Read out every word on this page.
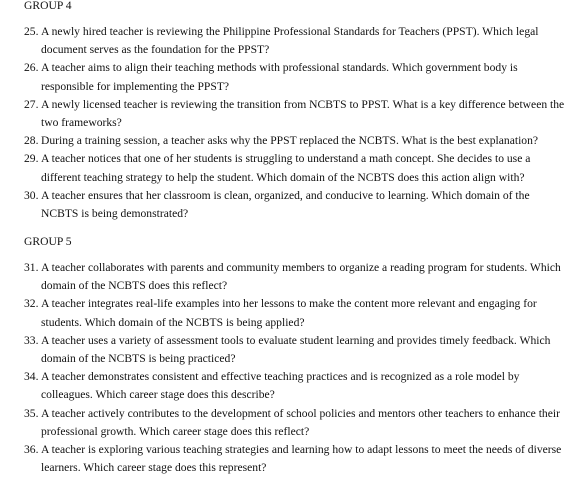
GROUP 4
25. A newly hired teacher is reviewing the Philippine Professional Standards for Teachers (PPST). Which legal document serves as the foundation for the PPST?
26. A teacher aims to align their teaching methods with professional standards. Which government body is responsible for implementing the PPST?
27. A newly licensed teacher is reviewing the transition from NCBTS to PPST. What is a key difference between the two frameworks?
28. During a training session, a teacher asks why the PPST replaced the NCBTS. What is the best explanation?
29. A teacher notices that one of her students is struggling to understand a math concept. She decides to use a different teaching strategy to help the student. Which domain of the NCBTS does this action align with?
30. A teacher ensures that her classroom is clean, organized, and conducive to learning. Which domain of the NCBTS is being demonstrated?
GROUP 5
31. A teacher collaborates with parents and community members to organize a reading program for students. Which domain of the NCBTS does this reflect?
32. A teacher integrates real-life examples into her lessons to make the content more relevant and engaging for students. Which domain of the NCBTS is being applied?
33. A teacher uses a variety of assessment tools to evaluate student learning and provides timely feedback. Which domain of the NCBTS is being practiced?
34. A teacher demonstrates consistent and effective teaching practices and is recognized as a role model by colleagues. Which career stage does this describe?
35. A teacher actively contributes to the development of school policies and mentors other teachers to enhance their professional growth. Which career stage does this reflect?
36. A teacher is exploring various teaching strategies and learning how to adapt lessons to meet the needs of diverse learners. Which career stage does this represent?
